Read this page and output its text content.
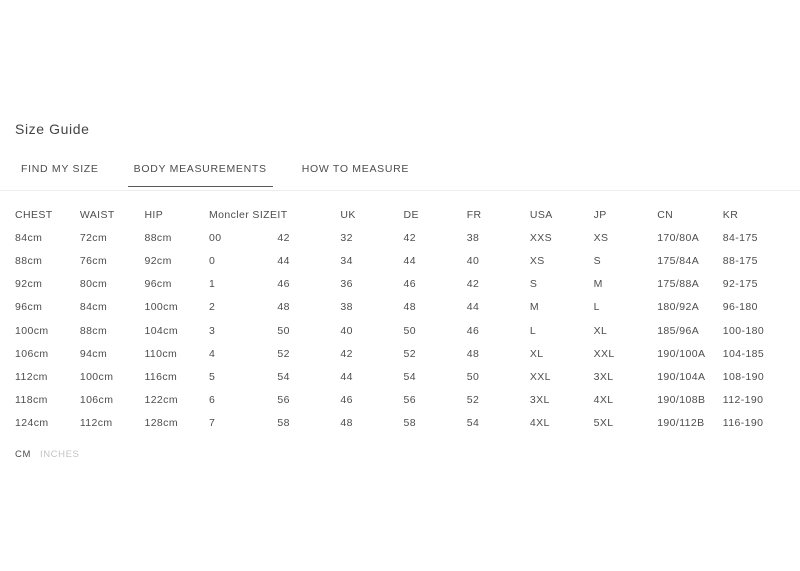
Size Guide
FIND MY SIZE	BODY MEASUREMENTS	HOW TO MEASURE
CHEST	WAIST	HIP	Moncler SIZE	IT	UK	DE	FR	USA	JP	CN	KR
84cm	72cm	88cm	00	42	32	42	38	XXS	XS	170/80A	84-175
88cm	76cm	92cm	0	44	34	44	40	XS	S	175/84A	88-175
92cm	80cm	96cm	1	46	36	46	42	S	M	175/88A	92-175
96cm	84cm	100cm	2	48	38	48	44	M	L	180/92A	96-180
100cm	88cm	104cm	3	50	40	50	46	L	XL	185/96A	100-180
106cm	94cm	110cm	4	52	42	52	48	XL	XXL	190/100A	104-185
112cm	100cm	116cm	5	54	44	54	50	XXL	3XL	190/104A	108-190
118cm	106cm	122cm	6	56	46	56	52	3XL	4XL	190/108B	112-190
124cm	112cm	128cm	7	58	48	58	54	4XL	5XL	190/112B	116-190
CM INCHES
